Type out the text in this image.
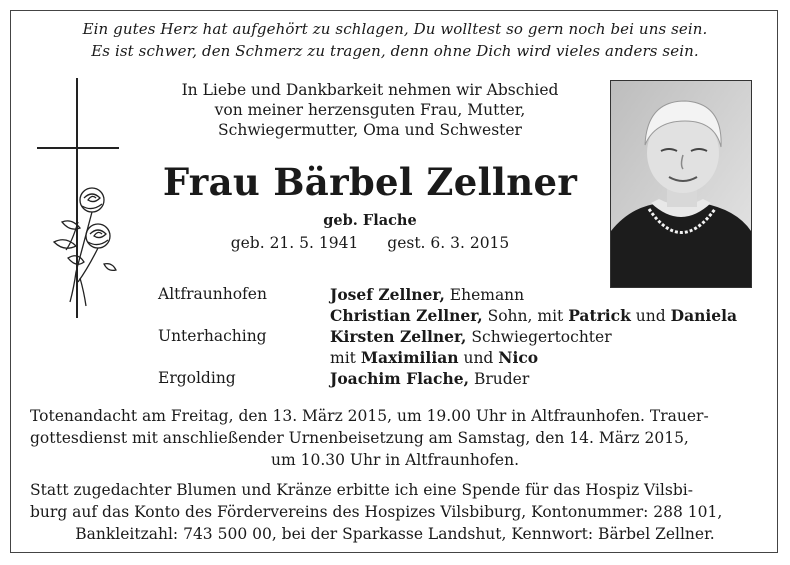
Ein gutes Herz hat aufgehört zu schlagen, Du wolltest so gern noch bei uns sein.
Es ist schwer, den Schmerz zu tragen, denn ohne Dich wird vieles anders sein.
In Liebe und Dankbarkeit nehmen wir Abschied
von meiner herzensguten Frau, Mutter,
Schwiegermutter, Oma und Schwester
Frau Bärbel Zellner
geb. Flache
geb. 21. 5. 1941 gest. 6. 3. 2015
Altfraunhofen
Unterhaching
Ergolding
Josef Zellner, Ehemann
Christian Zellner, Sohn, mit Patrick und Daniela
Kirsten Zellner, Schwiegertochter
mit Maximilian und Nico
Joachim Flache, Bruder
Totenandacht am Freitag, den 13. März 2015, um 19.00 Uhr in Altfraunhofen. Trauer-
gottesdienst mit anschließender Urnenbeisetzung am Samstag, den 14. März 2015,
um 10.30 Uhr in Altfraunhofen.
Statt zugedachter Blumen und Kränze erbitte ich eine Spende für das Hospiz Vilsbi-
burg auf das Konto des Fördervereins des Hospizes Vilsbiburg, Kontonummer: 288 101,
Bankleitzahl: 743 500 00, bei der Sparkasse Landshut, Kennwort: Bärbel Zellner.
